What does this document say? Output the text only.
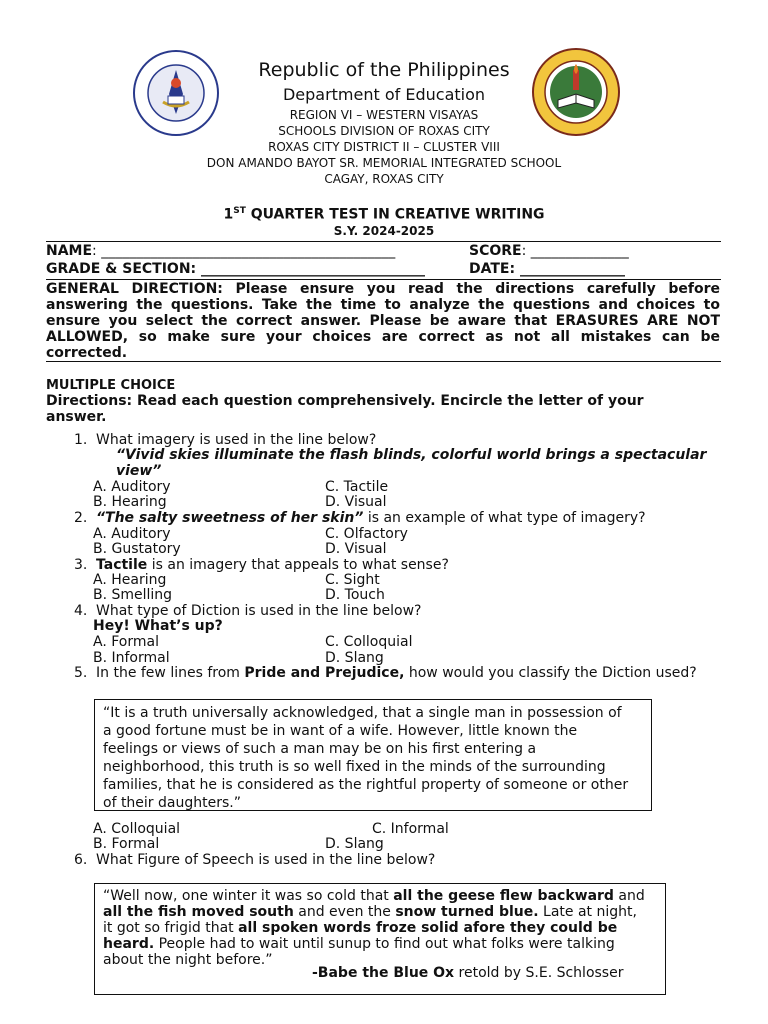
Republic of the Philippines
Department of Education
REGION VI – WESTERN VISAYAS
SCHOOLS DIVISION OF ROXAS CITY
ROXAS CITY DISTRICT II – CLUSTER VIII
DON AMANDO BAYOT SR. MEMORIAL INTEGRATED SCHOOL
CAGAY, ROXAS CITY
1ST QUARTER TEST IN CREATIVE WRITING
S.Y. 2024-2025
NAME: __________________________________________	SCORE: ______________
GRADE & SECTION: ________________________________	DATE: _______________
GENERAL DIRECTION: Please ensure you read the directions carefully before answering the questions. Take the time to analyze the questions and choices to ensure you select the correct answer. Please be aware that ERASURES ARE NOT ALLOWED, so make sure your choices are correct as not all mistakes can be corrected.
MULTIPLE CHOICE
Directions: Read each question comprehensively. Encircle the letter of your answer.
1. What imagery is used in the line below?
“Vivid skies illuminate the flash blinds, colorful world brings a spectacular view”
A. Auditory	C. Tactile
B. Hearing	D. Visual
2. “The salty sweetness of her skin” is an example of what type of imagery?
A. Auditory	C. Olfactory
B. Gustatory	D. Visual
3. Tactile is an imagery that appeals to what sense?
A. Hearing	C. Sight
B. Smelling	D. Touch
4. What type of Diction is used in the line below?
Hey! What’s up?
A. Formal	C. Colloquial
B. Informal	D. Slang
5. In the few lines from Pride and Prejudice, how would you classify the Diction used?
“It is a truth universally acknowledged, that a single man in possession of
a good fortune must be in want of a wife. However, little known the
feelings or views of such a man may be on his first entering a
neighborhood, this truth is so well fixed in the minds of the surrounding
families, that he is considered as the rightful property of someone or other
of their daughters.”
A. Colloquial	C. Informal
B. Formal	D. Slang
6. What Figure of Speech is used in the line below?
“Well now, one winter it was so cold that all the geese flew backward and
all the fish moved south and even the snow turned blue. Late at night,
it got so frigid that all spoken words froze solid afore they could be
heard. People had to wait until sunup to find out what folks were talking
about the night before.”
-Babe the Blue Ox retold by S.E. Schlosser
